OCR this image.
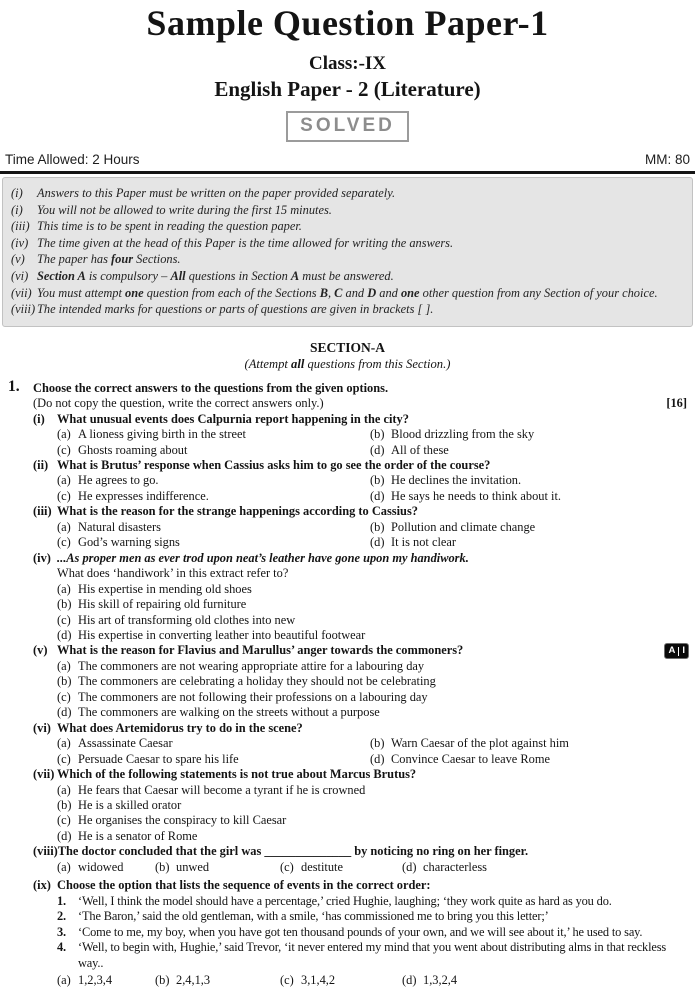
Sample Question Paper-1
Class:-IX
English Paper - 2 (Literature)
SOLVED
Time Allowed: 2 Hours	MM: 80
(i)	Answers to this Paper must be written on the paper provided separately.
(i)	You will not be allowed to write during the first 15 minutes.
(iii) This time is to be spent in reading the question paper.
(iv) The time given at the head of this Paper is the time allowed for writing the answers.
(v) The paper has four Sections.
(vi) Section A is compulsory – All questions in Section A must be answered.
(vii) You must attempt one question from each of the Sections B, C and D and one other question from any Section of your choice.
(viii) The intended marks for questions or parts of questions are given in brackets [ ].
SECTION-A
(Attempt all questions from this Section.)
1. Choose the correct answers to the questions from the given options.
(Do not copy the question, write the correct answers only.)	[16]
(i) What unusual events does Calpurnia report happening in the city?
(a) A lioness giving birth in the street	(b) Blood drizzling from the sky
(c) Ghosts roaming about	(d) All of these
(ii) What is Brutus’ response when Cassius asks him to go see the order of the course?
(a) He agrees to go.	(b) He declines the invitation.
(c) He expresses indifference.	(d) He says he needs to think about it.
(iii) What is the reason for the strange happenings according to Cassius?
(a) Natural disasters	(b) Pollution and climate change
(c) God’s warning signs	(d) It is not clear
(iv) ...As proper men as ever trod upon neat’s leather have gone upon my handiwork.
What does ‘handiwork’ in this extract refer to?
(a) His expertise in mending old shoes
(b) His skill of repairing old furniture
(c) His art of transforming old clothes into new
(d) His expertise in converting leather into beautiful footwear
(v) What is the reason for Flavius and Marullus’ anger towards the commoners?	A I
(a) The commoners are not wearing appropriate attire for a labouring day
(b) The commoners are celebrating a holiday they should not be celebrating
(c) The commoners are not following their professions on a labouring day
(d) The commoners are walking on the streets without a purpose
(vi) What does Artemidorus try to do in the scene?
(a) Assassinate Caesar	(b) Warn Caesar of the plot against him
(c) Persuade Caesar to spare his life	(d) Convince Caesar to leave Rome
(vii) Which of the following statements is not true about Marcus Brutus?
(a) He fears that Caesar will become a tyrant if he is crowned
(b) He is a skilled orator
(c) He organises the conspiracy to kill Caesar
(d) He is a senator of Rome
(viii)The doctor concluded that the girl was ______________ by noticing no ring on her finger.
(a) widowed	(b) unwed	(c) destitute	(d) characterless
(ix) Choose the option that lists the sequence of events in the correct order:
1. ‘Well, I think the model should have a percentage,’ cried Hughie, laughing; ‘they work quite as hard as you do.
2. ‘The Baron,’ said the old gentleman, with a smile, ‘has commissioned me to bring you this letter;’
3. ‘Come to me, my boy, when you have got ten thousand pounds of your own, and we will see about it,’ he used to say.
4. ‘Well, to begin with, Hughie,’ said Trevor, ‘it never entered my mind that you went about distributing alms in that reckless way..
(a) 1,2,3,4	(b) 2,4,1,3	(c) 3,1,4,2	(d) 1,3,2,4
